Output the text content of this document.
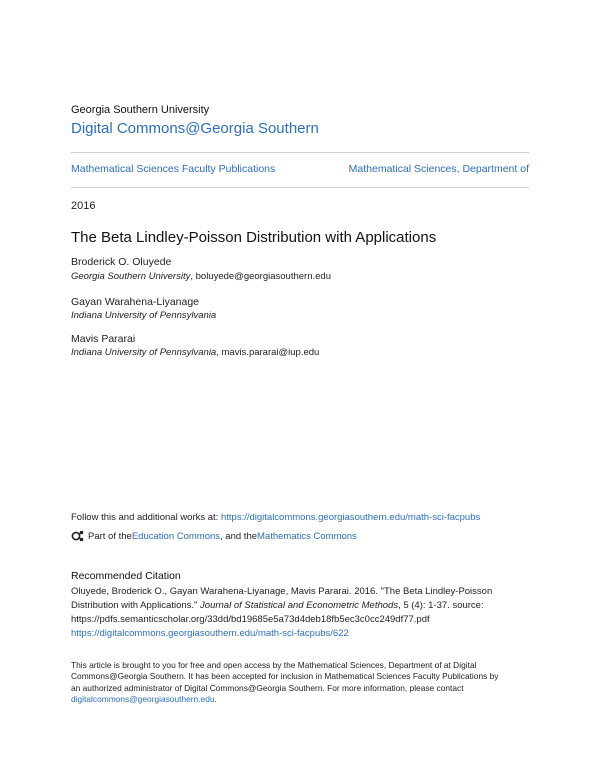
Georgia Southern University
Digital Commons@Georgia Southern
Mathematical Sciences Faculty Publications	Mathematical Sciences, Department of
2016
The Beta Lindley-Poisson Distribution with Applications
Broderick O. Oluyede
Georgia Southern University, boluyede@georgiasouthern.edu
Gayan Warahena-Liyanage
Indiana University of Pennsylvania
Mavis Pararai
Indiana University of Pennsylvania, mavis.pararai@iup.edu
Follow this and additional works at: https://digitalcommons.georgiasouthern.edu/math-sci-facpubs
Part of the Education Commons , and the Mathematics Commons
Recommended Citation
Oluyede, Broderick O., Gayan Warahena-Liyanage, Mavis Pararai. 2016. "The Beta Lindley-Poisson
Distribution with Applications." Journal of Statistical and Econometric Methods, 5 (4): 1-37. source:
https://pdfs.semanticscholar.org/33dd/bd19685e5a73d4deb18fb5ec3c0cc249df77.pdf
https://digitalcommons.georgiasouthern.edu/math-sci-facpubs/622
This article is brought to you for free and open access by the Mathematical Sciences, Department of at Digital
Commons@Georgia Southern. It has been accepted for inclusion in Mathematical Sciences Faculty Publications by
an authorized administrator of Digital Commons@Georgia Southern. For more information, please contact
digitalcommons@georgiasouthern.edu.
